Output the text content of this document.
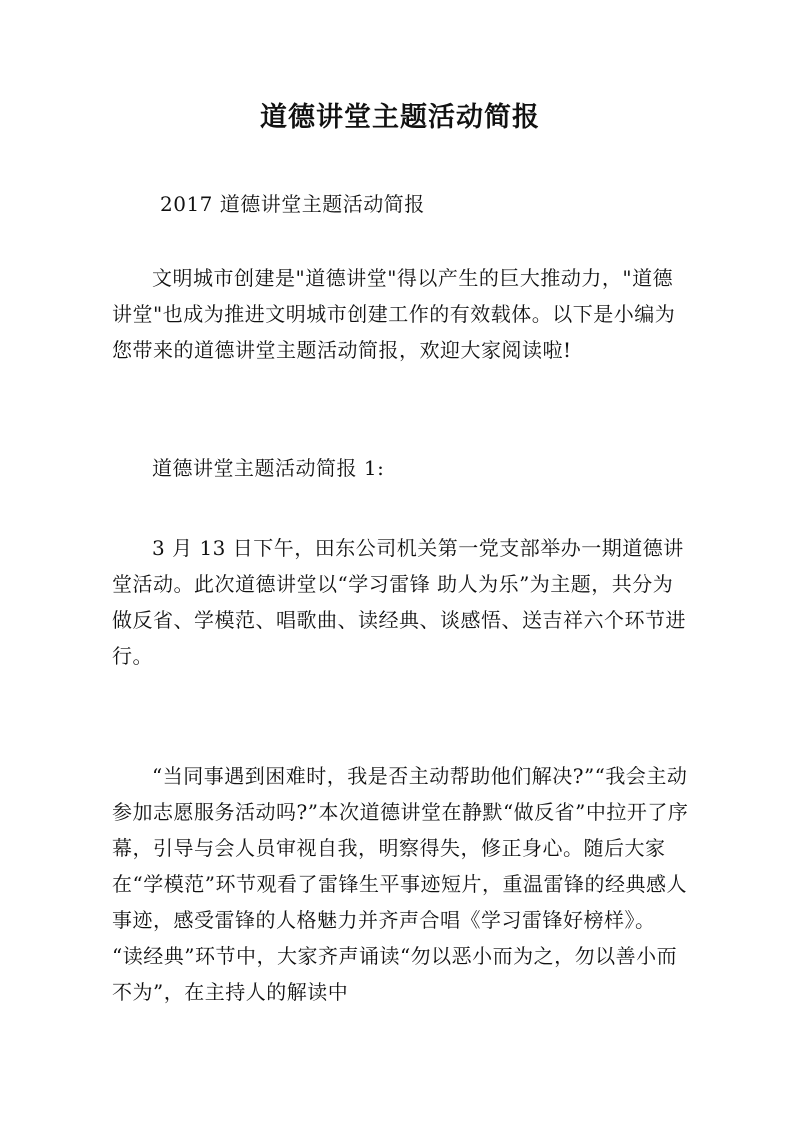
道德讲堂主题活动简报

2017 道德讲堂主题活动简报

文明城市创建是"道德讲堂"得以产生的巨大推动力，"道德讲堂"也成为推进文明城市创建工作的有效载体。以下是小编为您带来的道德讲堂主题活动简报，欢迎大家阅读啦!

道德讲堂主题活动简报 1:

3 月 13 日下午，田东公司机关第一党支部举办一期道德讲堂活动。此次道德讲堂以“学习雷锋 助人为乐”为主题，共分为做反省、学模范、唱歌曲、读经典、谈感悟、送吉祥六个环节进行。

“当同事遇到困难时，我是否主动帮助他们解决?”“我会主动参加志愿服务活动吗?”本次道德讲堂在静默“做反省”中拉开了序幕，引导与会人员审视自我，明察得失，修正身心。随后大家在“学模范”环节观看了雷锋生平事迹短片，重温雷锋的经典感人事迹，感受雷锋的人格魅力并齐声合唱《学习雷锋好榜样》。 “读经典”环节中，大家齐声诵读“勿以恶小而为之，勿以善小而不为”，在主持人的解读中
